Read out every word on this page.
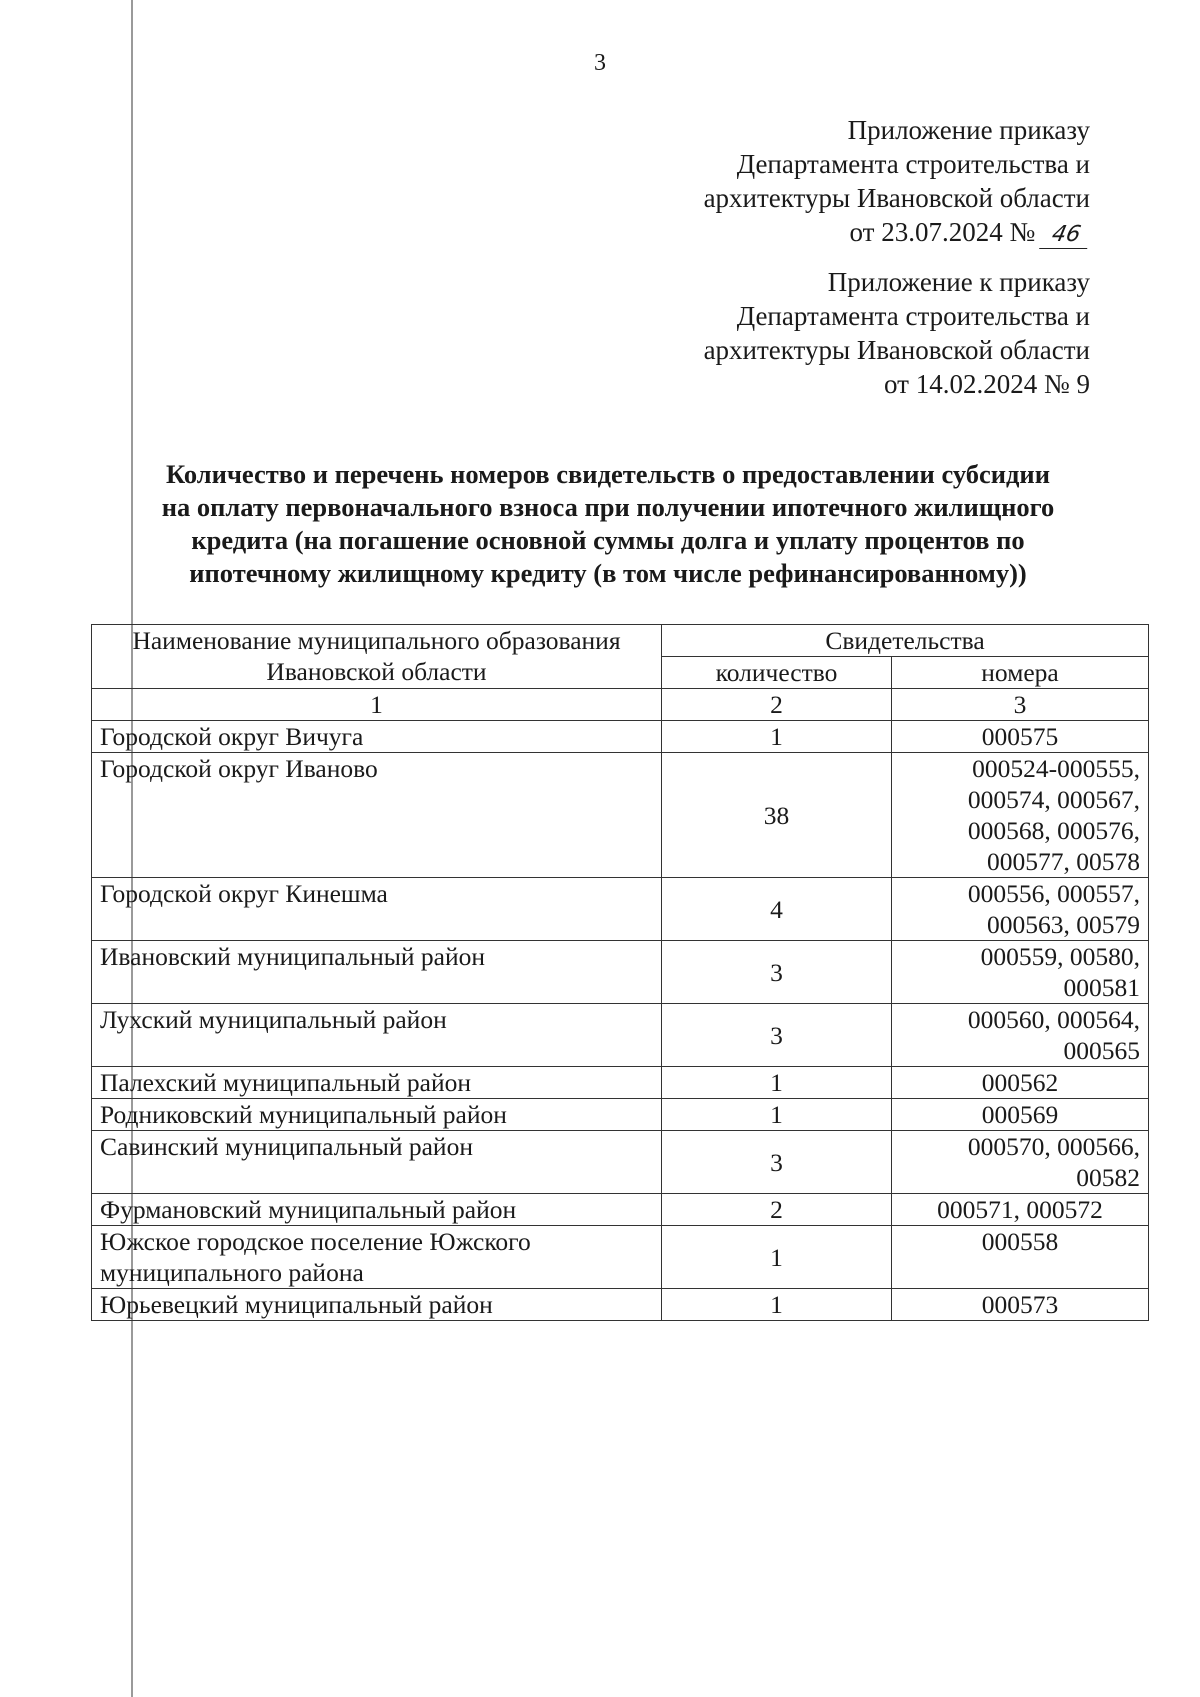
3
Приложение приказу
Департамента строительства и
архитектуры Ивановской области
от 23.07.2024 № 46
Приложение к приказу
Департамента строительства и
архитектуры Ивановской области
от 14.02.2024 № 9
Количество и перечень номеров свидетельств о предоставлении субсидии
на оплату первоначального взноса при получении ипотечного жилищного
кредита (на погашение основной суммы долга и уплату процентов по
ипотечному жилищному кредиту (в том числе рефинансированному))
Наименование муниципального образования Ивановской области	Свидетельства	
	количество	номера
1	2	3
Городской округ Вичуга	1	000575

Городской округ Иваново	38	000524-000555,
000574, 000567,
000568, 000576,
000577, 00578

Городской округ Кинешма	4	000556, 000557,
000563, 00579

Ивановский муниципальный район	3	000559, 00580,
000581

Лухский муниципальный район	3	000560, 000564,
000565

Палехский муниципальный район	1	000562

Родниковский муниципальный район	1	000569

Савинский муниципальный район	3	000570, 000566,
00582

Фурмановский муниципальный район	2	000571, 000572

Южское городское поселение Южского муниципального района	1	000558

Юрьевецкий муниципальный район	1	000573
